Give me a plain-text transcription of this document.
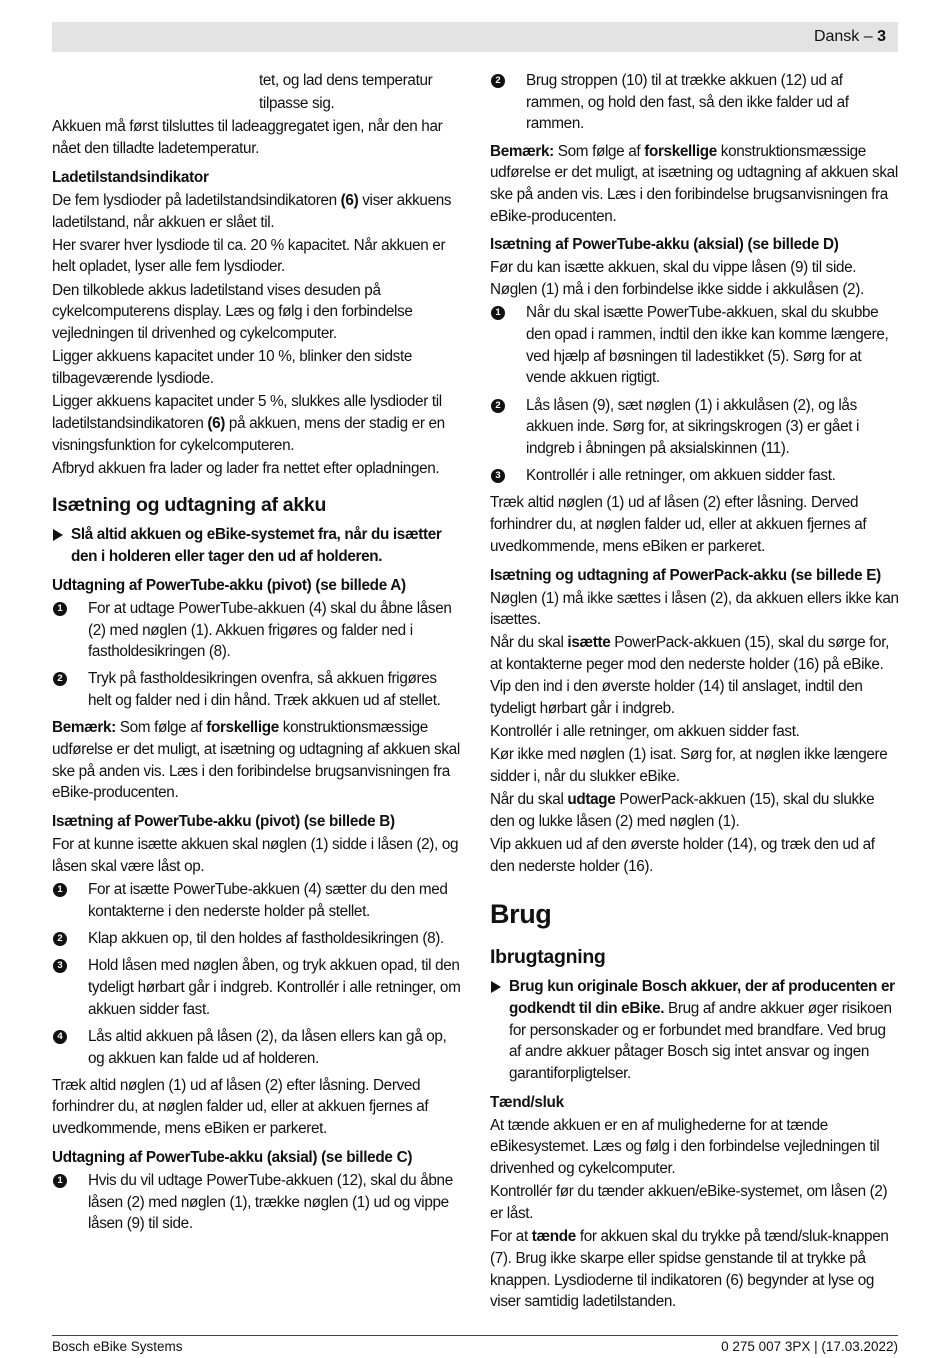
Dansk – 3

tet, og lad dens temperatur

tilpasse sig.

Akkuen må først tilsluttes til ladeaggregatet igen, når den har nået den tilladte ladetemperatur.

Ladetilstandsindikator

De fem lysdioder på ladetilstandsindikatoren (6) viser akkuens ladetilstand, når akkuen er slået til.

Her svarer hver lysdiode til ca. 20 % kapacitet. Når akkuen er helt opladet, lyser alle fem lysdioder.

Den tilkoblede akkus ladetilstand vises desuden på cykelcomputerens display. Læs og følg i den forbindelse vejledningen til drivenhed og cykelcomputer.

Ligger akkuens kapacitet under 10 %, blinker den sidste tilbageværende lysdiode.

Ligger akkuens kapacitet under 5 %, slukkes alle lysdioder til ladetilstandsindikatoren (6) på akkuen, mens der stadig er en visningsfunktion for cykelcomputeren.

Afbryd akkuen fra lader og lader fra nettet efter opladningen.

Isætning og udtagning af akku

Slå altid akkuen og eBike-systemet fra, når du isætter den i holderen eller tager den ud af holderen.

Udtagning af PowerTube-akku (pivot) (se billede A)
1 For at udtage PowerTube-akkuen (4) skal du åbne låsen (2) med nøglen (1). Akkuen frigøres og falder ned i fastholdesikringen (8).

2 Tryk på fastholdesikringen ovenfra, så akkuen frigøres helt og falder ned i din hånd. Træk akkuen ud af stellet.

Bemærk: Som følge af forskellige konstruktionsmæssige udførelse er det muligt, at isætning og udtagning af akkuen skal ske på anden vis. Læs i den foribindelse brugsanvisningen fra eBike-producenten.

Isætning af PowerTube-akku (pivot) (se billede B)

For at kunne isætte akkuen skal nøglen (1) sidde i låsen (2), og låsen skal være låst op.

1 For at isætte PowerTube-akkuen (4) sætter du den med kontakterne i den nederste holder på stellet.

2 Klap akkuen op, til den holdes af fastholdesikringen (8).

3 Hold låsen med nøglen åben, og tryk akkuen opad, til den tydeligt hørbart går i indgreb. Kontrollér i alle retninger, om akkuen sidder fast.

4 Lås altid akkuen på låsen (2), da låsen ellers kan gå op, og akkuen kan falde ud af holderen.

Træk altid nøglen (1) ud af låsen (2) efter låsning. Derved forhindrer du, at nøglen falder ud, eller at akkuen fjernes af uvedkommende, mens eBiken er parkeret.

Udtagning af PowerTube-akku (aksial) (se billede C)
1 Hvis du vil udtage PowerTube-akkuen (12), skal du åbne låsen (2) med nøglen (1), trække nøglen (1) ud og vippe låsen (9) til side.

2 Brug stroppen (10) til at trække akkuen (12) ud af rammen, og hold den fast, så den ikke falder ud af rammen.

Bemærk: Som følge af forskellige konstruktionsmæssige udførelse er det muligt, at isætning og udtagning af akkuen skal ske på anden vis. Læs i den foribindelse brugsanvisningen fra eBike-producenten.

Isætning af PowerTube-akku (aksial) (se billede D)

Før du kan isætte akkuen, skal du vippe låsen (9) til side. Nøglen (1) må i den forbindelse ikke sidde i akkulåsen (2).

1 Når du skal isætte PowerTube-akkuen, skal du skubbe den opad i rammen, indtil den ikke kan komme længere, ved hjælp af bøsningen til ladestikket (5). Sørg for at vende akkuen rigtigt.

2 Lås låsen (9), sæt nøglen (1) i akkulåsen (2), og lås akkuen inde. Sørg for, at sikringskrogen (3) er gået i indgreb i åbningen på aksialskinnen (11).

3 Kontrollér i alle retninger, om akkuen sidder fast.

Træk altid nøglen (1) ud af låsen (2) efter låsning. Derved forhindrer du, at nøglen falder ud, eller at akkuen fjernes af uvedkommende, mens eBiken er parkeret.

Isætning og udtagning af PowerPack-akku (se billede E)

Nøglen (1) må ikke sættes i låsen (2), da akkuen ellers ikke kan isættes.

Når du skal isætte PowerPack-akkuen (15), skal du sørge for, at kontakterne peger mod den nederste holder (16) på eBike. Vip den ind i den øverste holder (14) til anslaget, indtil den tydeligt hørbart går i indgreb.

Kontrollér i alle retninger, om akkuen sidder fast.

Kør ikke med nøglen (1) isat. Sørg for, at nøglen ikke længere sidder i, når du slukker eBike.

Når du skal udtage PowerPack-akkuen (15), skal du slukke den og lukke låsen (2) med nøglen (1).

Vip akkuen ud af den øverste holder (14), og træk den ud af den nederste holder (16).

Brug
Ibrugtagning

Brug kun originale Bosch akkuer, der af producenten er godkendt til din eBike. Brug af andre akkuer øger risikoen for personskader og er forbundet med brandfare. Ved brug af andre akkuer påtager Bosch sig intet ansvar og ingen garantiforpligtelser.

Tænd/sluk

At tænde akkuen er en af mulighederne for at tænde eBikesystemet. Læs og følg i den forbindelse vejledningen til drivenhed og cykelcomputer.

Kontrollér før du tænder akkuen/eBike-systemet, om låsen (2) er låst.

For at tænde for akkuen skal du trykke på tænd/sluk-knappen (7). Brug ikke skarpe eller spidse genstande til at trykke på knappen. Lysdioderne til indikatoren (6) begynder at lyse og viser samtidig ladetilstanden.

Bosch eBike Systems	0 275 007 3PX | (17.03.2022)
